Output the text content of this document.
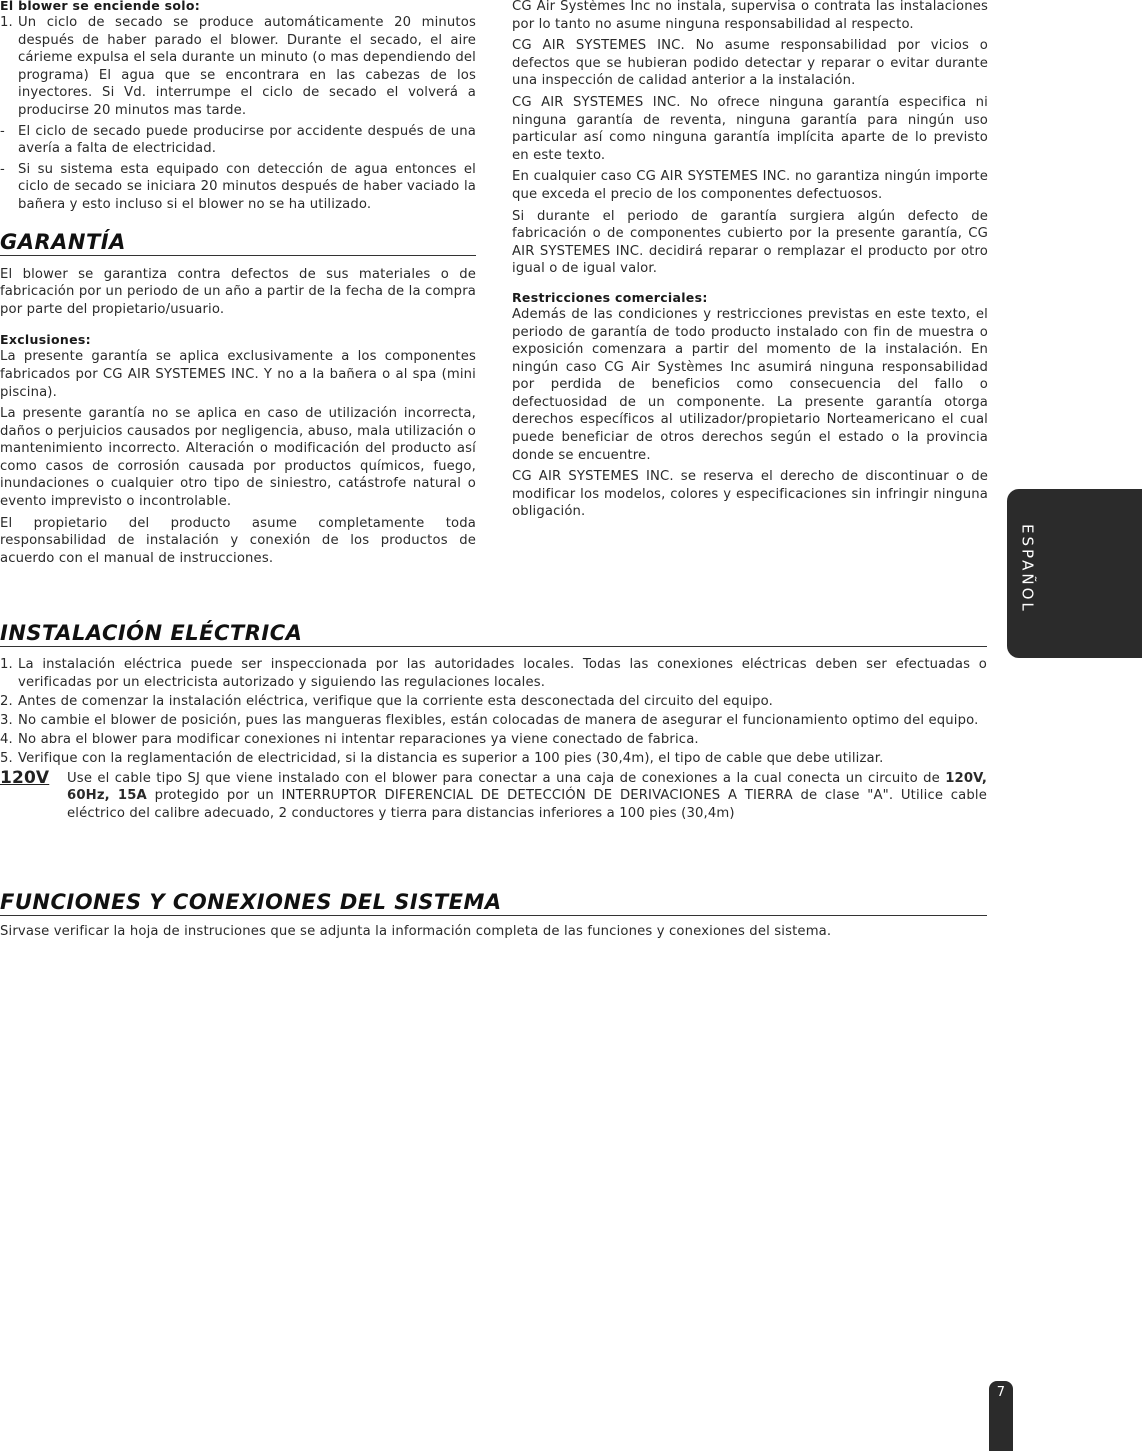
El blower se enciende solo:
1. Un ciclo de secado se produce automáticamente 20 minutos después de haber parado el blower. Durante el secado, el aire cárieme expulsa el sela durante un minuto (o mas dependiendo del programa) El agua que se encontrara en las cabezas de los inyectores. Si Vd. interrumpe el ciclo de secado el volverá a producirse 20 minutos mas tarde.
- El ciclo de secado puede producirse por accidente después de una avería a falta de electricidad.
- Si su sistema esta equipado con detección de agua entonces el ciclo de secado se iniciara 20 minutos después de haber vaciado la bañera y esto incluso si el blower no se ha utilizado.
GARANTÍA

El blower se garantiza contra defectos de sus materiales o de fabricación por un periodo de un año a partir de la fecha de la compra por parte del propietario/usuario.

Exclusiones:

La presente garantía se aplica exclusivamente a los componentes fabricados por CG AIR SYSTEMES INC. Y no a la bañera o al spa (mini piscina).

La presente garantía no se aplica en caso de utilización incorrecta, daños o perjuicios causados por negligencia, abuso, mala utilización o mantenimiento incorrecto. Alteración o modificación del producto así como casos de corrosión causada por productos químicos, fuego, inundaciones o cualquier otro tipo de siniestro, catástrofe natural o evento imprevisto o incontrolable.

El propietario del producto asume completamente toda responsabilidad de instalación y conexión de los productos de acuerdo con el manual de instrucciones.

CG Air Systèmes Inc no instala, supervisa o contrata las instalaciones por lo tanto no asume ninguna responsabilidad al respecto.

CG AIR SYSTEMES INC. No asume responsabilidad por vicios o defectos que se hubieran podido detectar y reparar o evitar durante una inspección de calidad anterior a la instalación.

CG AIR SYSTEMES INC. No ofrece ninguna garantía especifica ni ninguna garantía de reventa, ninguna garantía para ningún uso particular así como ninguna garantía implícita aparte de lo previsto en este texto.

En cualquier caso CG AIR SYSTEMES INC. no garantiza ningún importe que exceda el precio de los componentes defectuosos.

Si durante el periodo de garantía surgiera algún defecto de fabricación o de componentes cubierto por la presente garantía, CG AIR SYSTEMES INC. decidirá reparar o remplazar el producto por otro igual o de igual valor.

Restricciones comerciales:

Además de las condiciones y restricciones previstas en este texto, el periodo de garantía de todo producto instalado con fin de muestra o exposición comenzara a partir del momento de la instalación. En ningún caso CG Air Systèmes Inc asumirá ninguna responsabilidad por perdida de beneficios como consecuencia del fallo o defectuosidad de un componente. La presente garantía otorga derechos específicos al utilizador/propietario Norteamericano el cual puede beneficiar de otros derechos según el estado o la provincia donde se encuentre.

CG AIR SYSTEMES INC. se reserva el derecho de discontinuar o de modificar los modelos, colores y especificaciones sin infringir ninguna obligación.

INSTALACIÓN ELÉCTRICA
1. La instalación eléctrica puede ser inspeccionada por las autoridades locales. Todas las conexiones eléctricas deben ser efectuadas o verificadas por un electricista autorizado y siguiendo las regulaciones locales.
2. Antes de comenzar la instalación eléctrica, verifique que la corriente esta desconectada del circuito del equipo.
3. No cambie el blower de posición, pues las mangueras flexibles, están colocadas de manera de asegurar el funcionamiento optimo del equipo.
4. No abra el blower para modificar conexiones ni intentar reparaciones ya viene conectado de fabrica.
5. Verifique con la reglamentación de electricidad, si la distancia es superior a 100 pies (30,4m), el tipo de cable que debe utilizar.
120V Use el cable tipo SJ que viene instalado con el blower para conectar a una caja de conexiones a la cual conecta un circuito de 120V, 60Hz, 15A protegido por un INTERRUPTOR DIFERENCIAL DE DETECCIÓN DE DERIVACIONES A TIERRA de clase "A". Utilice cable eléctrico del calibre adecuado, 2 conductores y tierra para distancias inferiores a 100 pies (30,4m)
FUNCIONES Y CONEXIONES DEL SISTEMA

Sirvase verificar la hoja de instruciones que se adjunta la información completa de las funciones y conexiones del sistema.

ESPAÑOL
7
